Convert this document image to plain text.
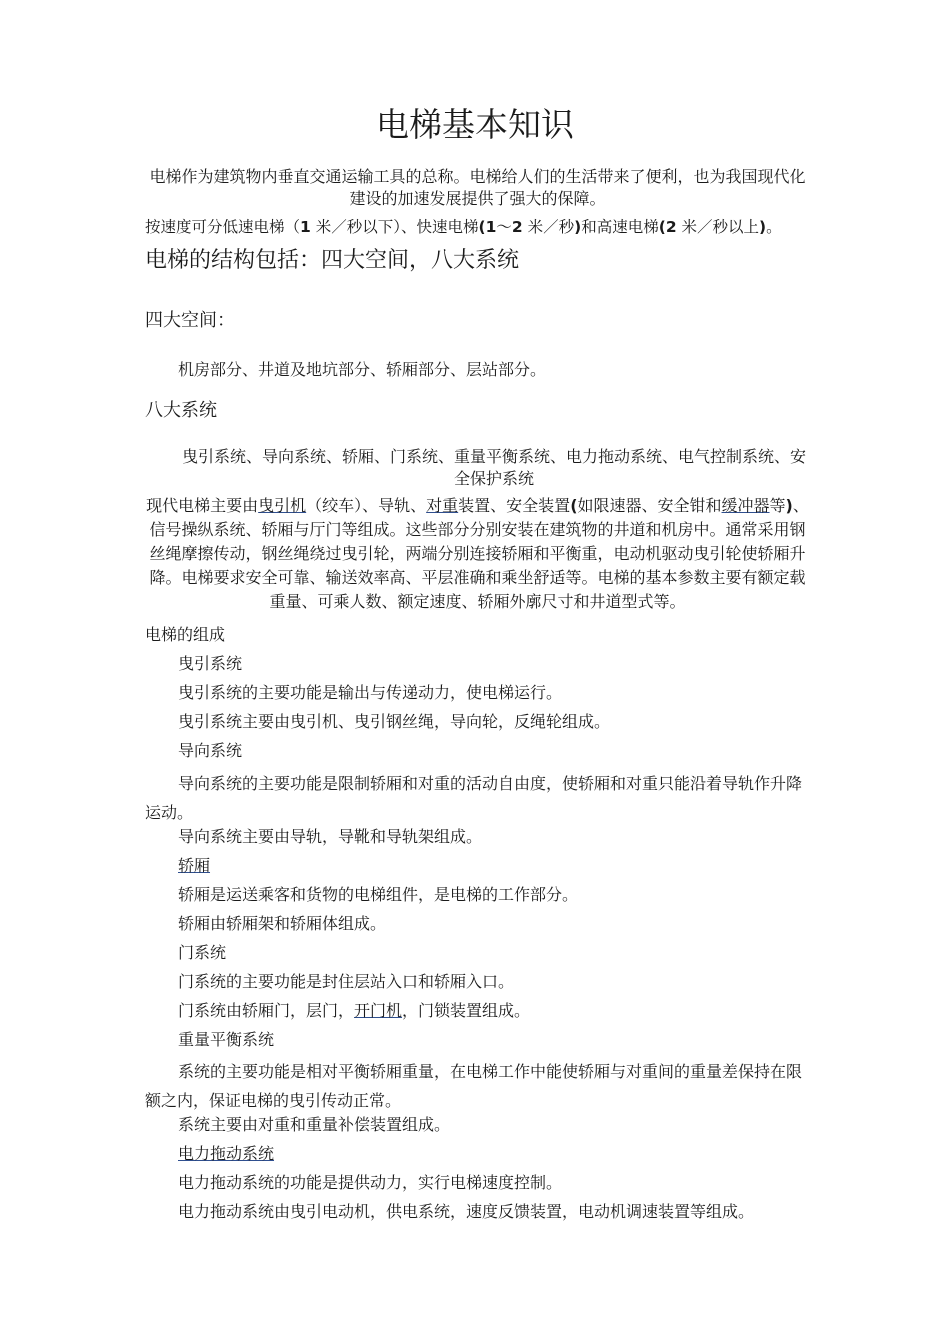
电梯基本知识

电梯作为建筑物内垂直交通运输工具的总称。电梯给人们的生活带来了便利，也为我国现代化建设的加速发展提供了强大的保障。

按速度可分低速电梯（1 米／秒以下）、快速电梯(1～2 米／秒)和高速电梯(2 米／秒以上)。

电梯的结构包括：四大空间，八大系统

四大空间：

机房部分、井道及地坑部分、轿厢部分、层站部分。

八大系统

曳引系统、导向系统、轿厢、门系统、重量平衡系统、电力拖动系统、电气控制系统、安全保护系统

现代电梯主要由曳引机（绞车）、导轨、对重装置、安全装置(如限速器、安全钳和缓冲器等)、信号操纵系统、轿厢与厅门等组成。这些部分分别安装在建筑物的井道和机房中。通常采用钢丝绳摩擦传动，钢丝绳绕过曳引轮，两端分别连接轿厢和平衡重，电动机驱动曳引轮使轿厢升降。电梯要求安全可靠、输送效率高、平层准确和乘坐舒适等。电梯的基本参数主要有额定载重量、可乘人数、额定速度、轿厢外廓尺寸和井道型式等。

电梯的组成

曳引系统

曳引系统的主要功能是输出与传递动力，使电梯运行。

曳引系统主要由曳引机、曳引钢丝绳，导向轮，反绳轮组成。

导向系统

导向系统的主要功能是限制轿厢和对重的活动自由度，使轿厢和对重只能沿着导轨作升降运动。

导向系统主要由导轨，导靴和导轨架组成。

轿厢

轿厢是运送乘客和货物的电梯组件，是电梯的工作部分。

轿厢由轿厢架和轿厢体组成。

门系统

门系统的主要功能是封住层站入口和轿厢入口。

门系统由轿厢门，层门，开门机，门锁装置组成。

重量平衡系统

系统的主要功能是相对平衡轿厢重量，在电梯工作中能使轿厢与对重间的重量差保持在限额之内，保证电梯的曳引传动正常。

系统主要由对重和重量补偿装置组成。

电力拖动系统

电力拖动系统的功能是提供动力，实行电梯速度控制。

电力拖动系统由曳引电动机，供电系统，速度反馈装置，电动机调速装置等组成。
